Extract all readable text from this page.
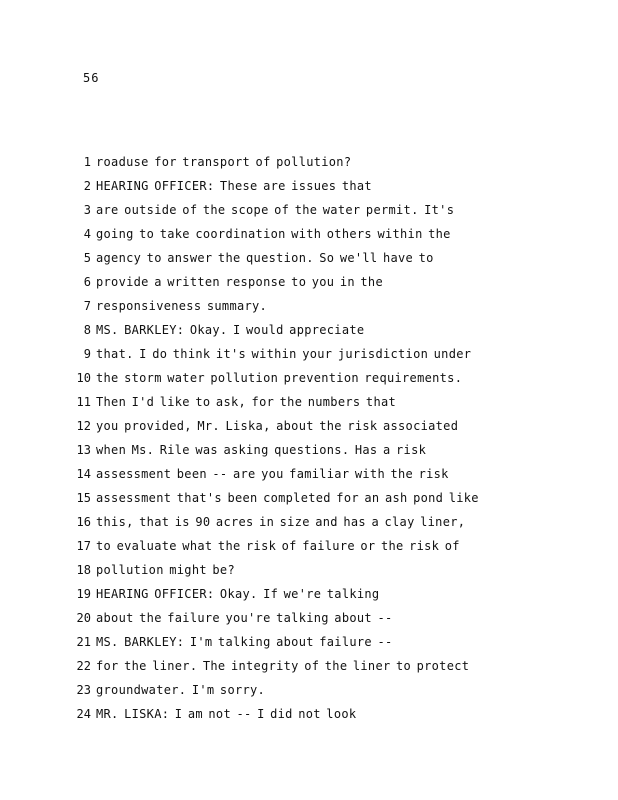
56
1 roaduse for transport of pollution?
2 HEARING OFFICER: These are issues that
3 are outside of the scope of the water permit. It's
4 going to take coordination with others within the
5 agency to answer the question. So we'll have to
6 provide a written response to you in the
7 responsiveness summary.
8 MS. BARKLEY: Okay. I would appreciate
9 that. I do think it's within your jurisdiction under
10 the storm water pollution prevention requirements.
11 Then I'd like to ask, for the numbers that
12 you provided, Mr. Liska, about the risk associated
13 when Ms. Rile was asking questions. Has a risk
14 assessment been -- are you familiar with the risk
15 assessment that's been completed for an ash pond like
16 this, that is 90 acres in size and has a clay liner,
17 to evaluate what the risk of failure or the risk of
18 pollution might be?
19 HEARING OFFICER: Okay. If we're talking
20 about the failure you're talking about --
21 MS. BARKLEY: I'm talking about failure --
22 for the liner. The integrity of the liner to protect
23 groundwater. I'm sorry.
24 MR. LISKA: I am not -- I did not look
